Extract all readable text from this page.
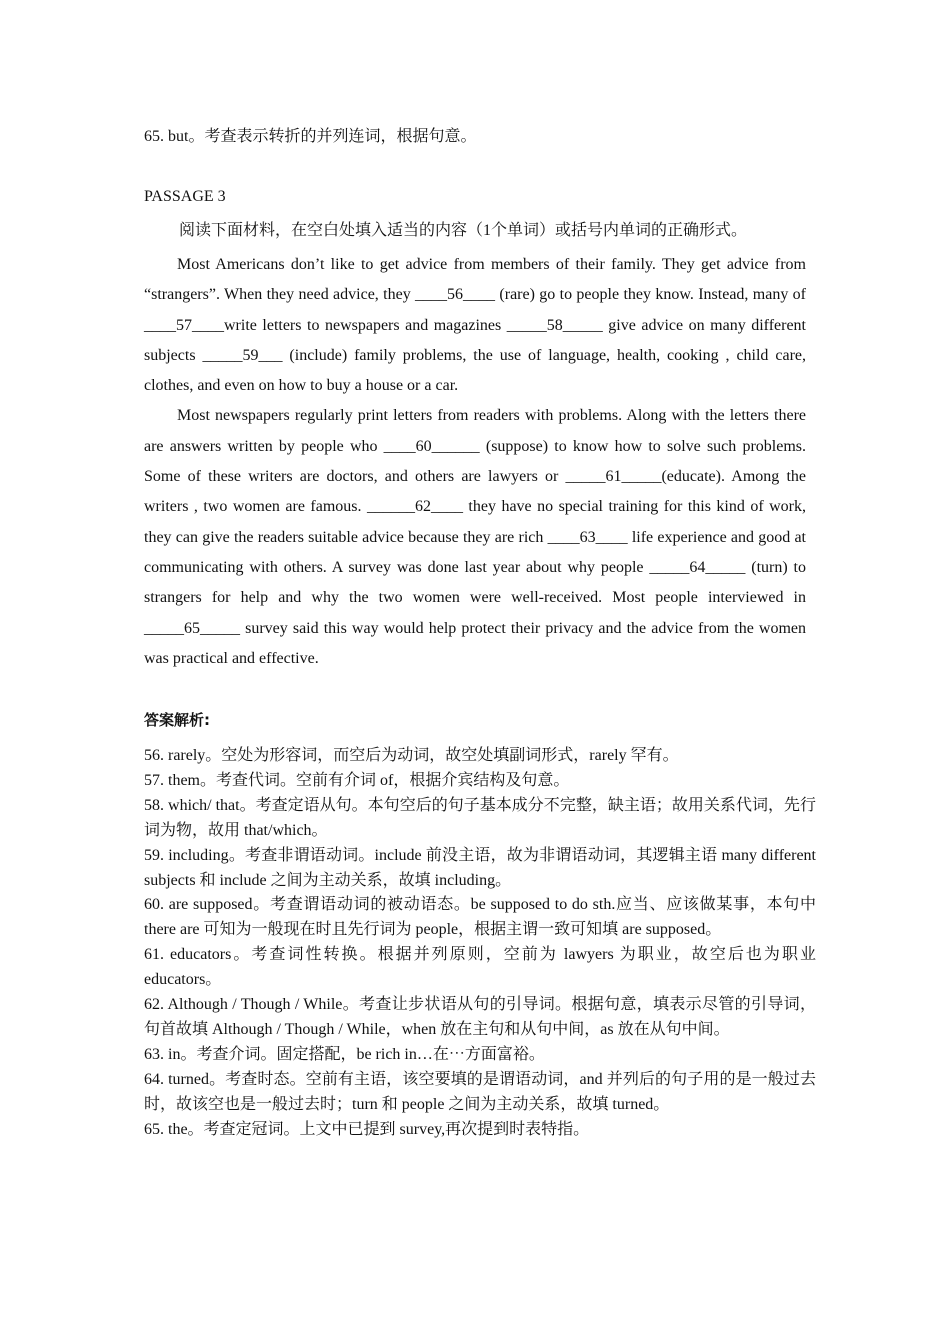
65. but。考查表示转折的并列连词，根据句意。
PASSAGE 3
阅读下面材料，在空白处填入适当的内容（1个单词）或括号内单词的正确形式。

Most Americans don’t like to get advice from members of their family. They get advice from “strangers”. When they need advice, they ____56____ (rare) go to people they know. Instead, many of ____57____write letters to newspapers and magazines _____58_____ give advice on many different subjects _____59___ (include) family problems, the use of language, health, cooking , child care, clothes, and even on how to buy a house or a car.

Most newspapers regularly print letters from readers with problems. Along with the letters there are answers written by people who ____60______ (suppose) to know how to solve such problems. Some of these writers are doctors, and others are lawyers or _____61_____(educate). Among the writers , two women are famous. ______62____ they have no special training for this kind of work, they can give the readers suitable advice because they are rich ____63____ life experience and good at communicating with others. A survey was done last year about why people _____64_____ (turn) to strangers for help and why the two women were well-received. Most people interviewed in _____65_____ survey said this way would help protect their privacy and the advice from the women was practical and effective.

答案解析:

56. rarely。空处为形容词，而空后为动词，故空处填副词形式，rarely 罕有。

57. them。考查代词。空前有介词 of，根据介宾结构及句意。

58. which/ that。考查定语从句。本句空后的句子基本成分不完整，缺主语；故用关系代词，先行词为物，故用 that/which。

59. including。考查非谓语动词。include 前没主语，故为非谓语动词，其逻辑主语 many different subjects 和 include 之间为主动关系，故填 including。

60. are supposed。考查谓语动词的被动语态。be supposed to do sth.应当、应该做某事，本句中 there are 可知为一般现在时且先行词为 people，根据主谓一致可知填 are supposed。

61. educators。考查词性转换。根据并列原则，空前为 lawyers 为职业，故空后也为职业 educators。

62. Although / Though / While。考查让步状语从句的引导词。根据句意，填表示尽管的引导词，句首故填 Although / Though / While，when 放在主句和从句中间，as 放在从句中间。

63. in。考查介词。固定搭配，be rich in…在⋯方面富裕。

64. turned。考查时态。空前有主语，该空要填的是谓语动词，and 并列后的句子用的是一般过去时，故该空也是一般过去时；turn 和 people 之间为主动关系，故填 turned。

65. the。考查定冠词。上文中已提到 survey,再次提到时表特指。
